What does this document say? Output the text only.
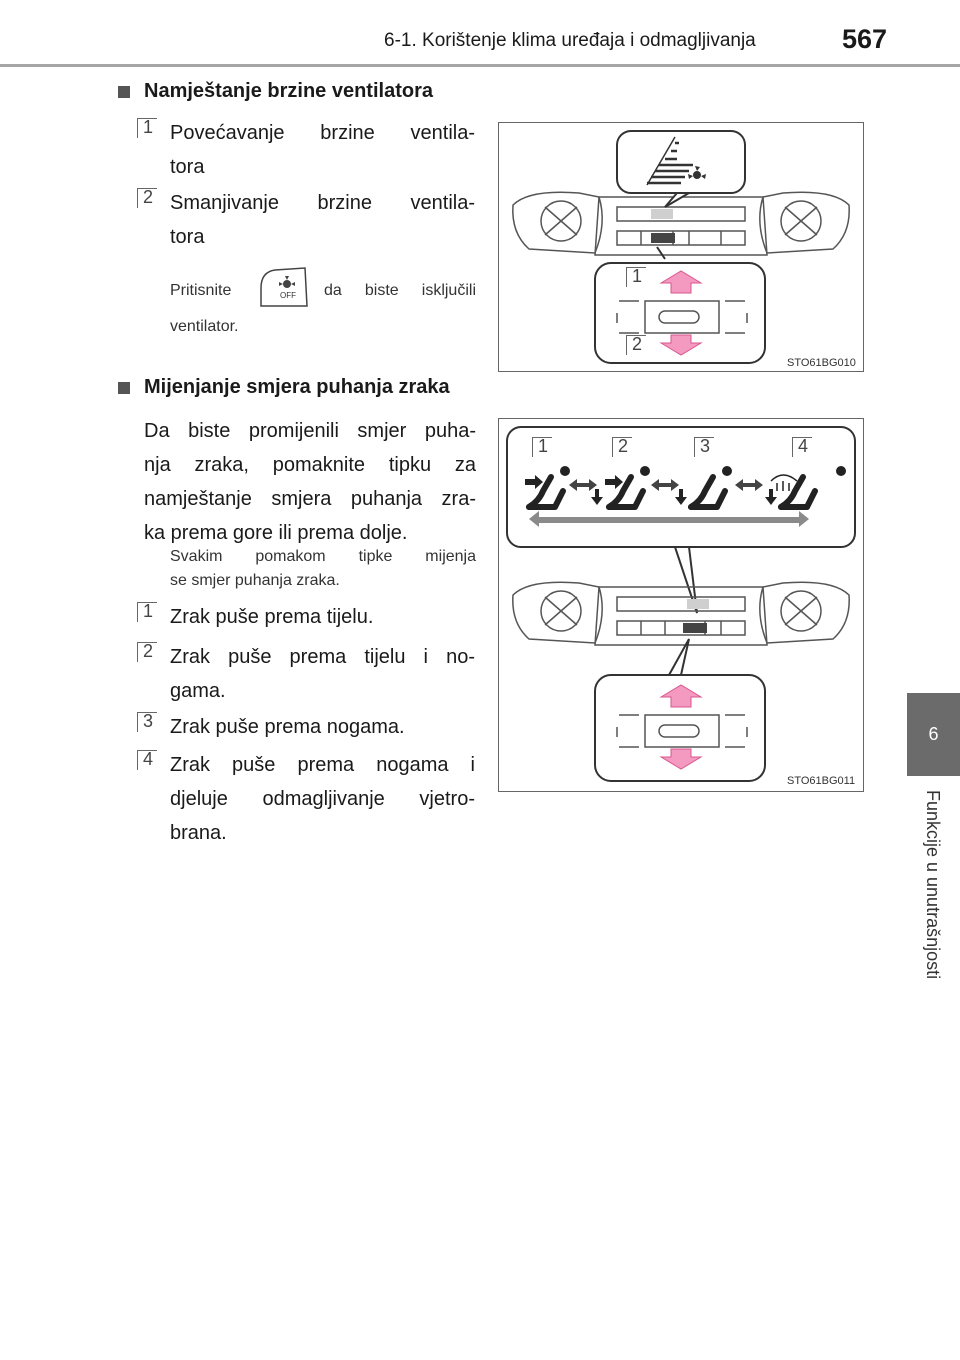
6-1. Korištenje klima uređaja i odmagljivanja	567
6
Funkcije u unutrašnjosti
Namještanje brzine ventilatora
1 Povećavanje brzine ventila-
tora
2 Smanjivanje brzine ventila-
tora
Pritisnite	OFF da biste isključili
ventilator.
1
2
STO61BG010
Mijenjanje smjera puhanja zraka
Da biste promijenili smjer puha-
nja zraka, pomaknite tipku za
namještanje smjera puhanja zra-
ka prema gore ili prema dolje.
Svakim pomakom tipke mijenja
se smjer puhanja zraka.
1 Zrak puše prema tijelu.
2 Zrak puše prema tijelu i no-
gama.
3 Zrak puše prema nogama.
4 Zrak puše prema nogama i
djeluje odmagljivanje vjetro-
brana.
1	2	3	4
STO61BG011
